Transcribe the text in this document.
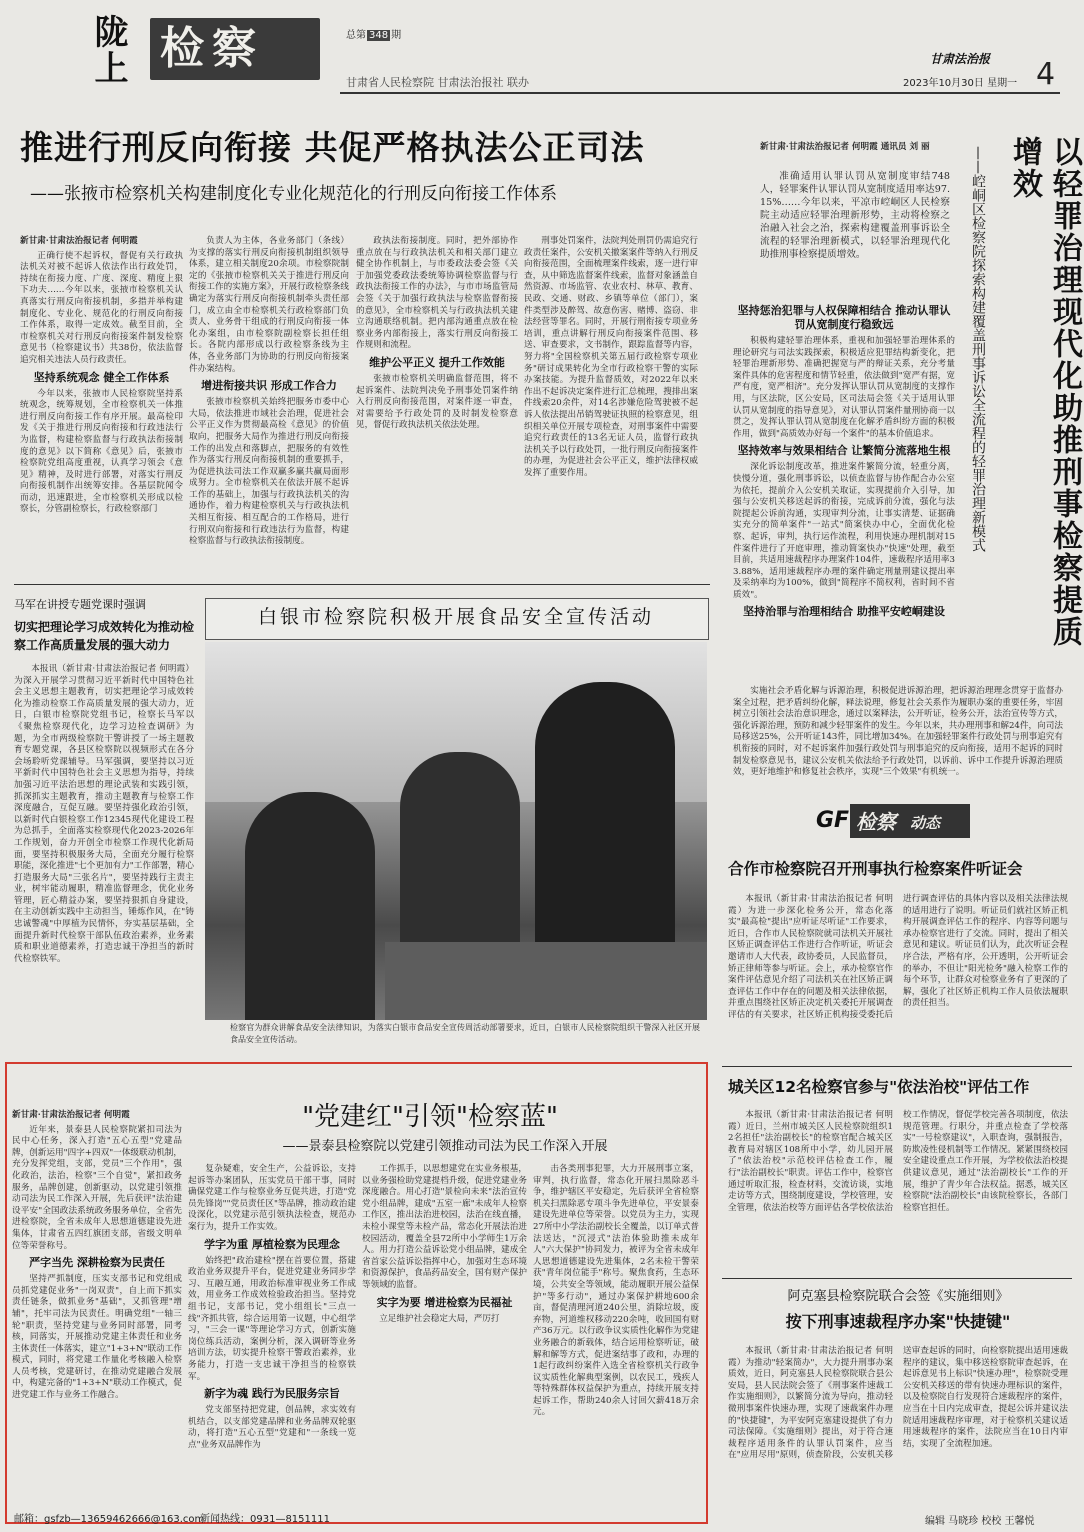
陇上 检察	总第 348 期
甘肃省人民检察院 甘肃法治报社 联办
甘肃法治报
2023年10月30日 星期一 4
推进行刑反向衔接 共促严格执法公正司法
——张掖市检察机关构建制度化专业化规范化的行刑反向衔接工作体系
新甘肃·甘肃法治报记者 何明霞

正确行使不起诉权，督促有关行政执法机关对被不起诉人依法作出行政处罚，持续在衔接力度、广度、深度、精度上狠下功夫……今年以来，张掖市检察机关认真落实行刑反向衔接机制，多措并举构建制度化、专业化、规范化的行刑反向衔接工作体系，取得一定成效。截至目前，全市检察机关对行刑反向衔接案件制发检察意见书（检察建议书）共38份，依法监督追究相关违法人员行政责任。

坚持系统观念 健全工作体系

今年以来，张掖市人民检察院坚持系统观念，统筹规划，全市检察机关一体推进行刑反向衔接工作有序开展。最高检印发《关于推进行刑反向衔接和行政违法行为监督，构建检察监督与行政执法衔接制度的意见》以下简称《意见》后，张掖市检察院党组高度重视，认真学习领会《意见》精神，及时进行部署，对落实行刑反向衔接机制作出统筹安排。各基层院闻令而动，迅速跟进，全市检察机关形成以检察长，分管副检察长，行政检察部门

负责人为主体，各业务部门（条线）为支撑的落实行刑反向衔接机制组织领导体系，建立相关制度20余项。市检察院制定的《张掖市检察机关关于推进行刑反向衔接工作的实施方案》，开展行政检察条线确定为落实行刑反向衔接机制牵头责任部门，成立由全市检察机关行政检察部门负责人、业务骨干组成的行刑反向衔接一体化办案组，由市检察院副检察长担任组长。各院内部形成以行政检察条线为主体，各业务部门为协助的行刑反向衔接案件办案结构。

增进衔接共识 形成工作合力

张掖市检察机关始终把服务市委中心大局，依法推进市域社会治理，促进社会公平正义作为贯彻最高检《意见》的价值取向，把服务大局作为推进行刑反向衔接工作的出发点和落脚点，把服务的有效性作为落实行刑反向衔接机制的重要抓手，为促进执法司法工作双赢多赢共赢局面形成努力。全市检察机关在依法开展不起诉工作的基础上，加强与行政执法机关的沟通协作，着力构建检察机关与行政执法机关相互衔接、相互配合的工作格局，进行行刑双向衔接和行政违法行为监督，构建检察监督与行政执法衔接制度。

政执法衔接制度。同时，把外部协作重点放在与行政执法机关和相关部门建立健全协作机制上，与市委政法委会签《关于加强党委政法委统筹协调检察监督与行政执法衔接工作的办法》，与市市场监管局会签《关于加强行政执法与检察监督衔接的意见》，全市检察机关与行政执法机关建立沟通联络机制。把内部沟通重点放在检察业务内部衔接上，落实行刑反向衔接工作规则和流程。

维护公平正义 提升工作效能

张掖市检察机关明确监督范围，将不起诉案件、法院判决免予刑事处罚案件纳入行刑反向衔接范围，对案件逐一审查，对需要给予行政处罚的及时制发检察意见，督促行政执法机关依法处理。

刑事处罚案件，法院判处刑罚仍需追究行政责任案件，公安机关撤案案件等纳入行刑反向衔接范围，全面梳理案件线索，逐一进行审查，从中筛选监督案件线索，监督对象涵盖自然资源、市场监管、农业农村、林草、教育、民政、交通、财政、乡镇等单位（部门），案件类型涉及醉驾、故意伤害、赌博、盗窃、非法经营等罪名。同时，开展行刑衔接专项业务培训，重点讲解行刑反向衔接案件范围、移送、审查要求，文书制作，跟踪监督等内容，努力将"全国检察机关第五届行政检察专项业务"研讨成果转化为全市行政检察干警的实际办案技能。为提升监督质效，对2022年以来作出不起诉决定案件进行汇总梳理，搜排出案件线索20余件，对14名涉嫌危险驾驶被不起诉人依法提出吊销驾驶证执照的检察意见，组织相关单位开展专项检查，对刑事案件中需要追究行政责任的13名无证人员，监督行政执法机关予以行政处罚，一批行刑反向衔接案件的办理，为促进社会公平正义，维护法律权威发挥了重要作用。

马军在讲授专题党课时强调
切实把理论学习成效转化为推动检察工作高质量发展的强大动力

本报讯（新甘肃·甘肃法治报记者 何明霞）为深入开展学习贯彻习近平新时代中国特色社会主义思想主题教育，切实把理论学习成效转化为推动检察工作高质量发展的强大动力，近日，白银市检察院党组书记，检察长马军以《聚焦检察现代化，边学习边检查调研》为题，为全市两级检察院干警讲授了一场主题教育专题党课，各县区检察院以视频形式在各分会场聆听党课辅导。马军强调，要坚持以习近平新时代中国特色社会主义思想为指导，持续加强习近平法治思想的理论武装和实践引领，抓深抓实主题教育，推动主题教育与检察工作深度融合，互促互融。要坚持强化政治引领，以新时代白银检察工作12345现代化建设工程为总抓手，全面落实检察现代化2023-2026年工作规划，奋力开创全市检察工作现代化新局面，要坚持积极服务大局，全面充分履行检察职能，深化推进"七个更加有力"工作部署，精心打造服务大局"三张名片"，要坚持践行主责主业，树牢能动履职，精准监督理念，优化业务管理，匠心精益办案，要坚持狠抓自身建设，在主动创新实践中主动担当，锤炼作风，在"铸忠诚警魂"中厚植为民情怀，夯实基层基础，全面提升新时代检察干部队伍政治素养，业务素质和职业道德素养，打造忠诚干净担当的新时代检察铁军。

白银市检察院积极开展食品安全宣传活动
检察官为群众讲解食品安全法律知识，为落实白银市食品安全宣传周活动部署要求，近日，白银市人民检察院组织干警深入社区开展食品安全宣传活动。
以轻罪治理现代化助推刑事检察提质增效
——崆峒区检察院探索构建覆盖刑事诉讼全流程的轻罪治理新模式
新甘肃·甘肃法治报记者 何明霞 通讯员 刘 丽

准确适用认罪认罚从宽制度审结748人，轻罪案件认罪认罚从宽制度适用率达97.15%……今年以来，平凉市崆峒区人民检察院主动适应轻罪治理新形势，主动将检察之治融入社会之治，探索构建覆盖刑事诉讼全流程的轻罪治理新模式，以轻罪治理现代化助推刑事检察提质增效。

坚持惩治犯罪与人权保障相结合 推动认罪认罚从宽制度行稳致远

积极构建轻罪治理体系，重视和加强轻罪治理体系的理论研究与司法实践探索，积极适应犯罪结构新变化，把轻罪治理新形势、准确把握宽与严的辩证关系，充分考量案件具体的危害程度和情节轻重，依法做到"宽严有据，宽严有度，宽严相济"。充分发挥认罪认罚从宽制度的支撑作用，与区法院，区公安局，区司法局会签《关于适用认罪认罚从宽制度的指导意见》，对认罪认罚案件量刑协商一以贯之，发挥认罪认罚从宽制度在化解矛盾纠纷方面的积极作用，做到"高质效办好每一个案件"的基本价值追求。

坚持效率与效果相结合 让繁简分流落地生根

深化诉讼制度改革，推进案件繁简分流，轻重分离，快慢分道，强化刑事诉讼，以侦查监督与协作配合办公室为依托，提前介入公安机关取证，实现提前介入引导，加强与公安机关移送起诉的衔接，完成诉前分流，强化与法院提起公诉前沟通，实现审判分流，让事实清楚、证据确实充分的简单案件"一站式"简案快办中心，全面优化检察、起诉，审判，执行运作流程，利用快速办理机制对15件案件进行了开庭审理，推动简案快办"快速"处理，截至目前，共适用速裁程序办理案件104件，速裁程序适用率33.88%，适用速裁程序办理的案件确定刑量刑建议提出率及采纳率均为100%，做到"简程序不简权利，省时间不省质效"。

坚持治罪与治理相结合 助推平安崆峒建设

实施社会矛盾化解与诉源治理，积极促进诉源治理，把诉源治理理念贯穿于监督办案全过程，把矛盾纠纷化解，释法说理，修复社会关系作为履职办案的重要任务，牢固树立引领社会法治意识理念，通过以案释法，公开听证，检务公开，法治宣传等方式，强化诉源治理，预防和减少轻罪案件的发生。今年以来，共办理刑事和解24件，向司法局移送25%，公开听证143件，同比增加34%。在加强轻罪案件行政处罚与刑事追究有机衔接的同时，对不起诉案件加强行政处罚与刑事追究的反向衔接，适用不起诉的同时制发检察意见书，建议公安机关依法给予行政处罚，以诉前、诉中工作提升诉源治理质效，更好地维护和修复社会秩序，实现"三个效果"有机统一。

GF 检察 动态
合作市检察院召开刑事执行检察案件听证会

本报讯（新甘肃·甘肃法治报记者 何明霞）为进一步深化检务公开，常态化落实"最高检"提出"应听证尽听证"工作要求，近日，合作市人民检察院就司法机关开展社区矫正调查评估工作进行合作听证，听证会邀请市人大代表，政协委员，人民监督员，矫正律师等参与听证。会上，承办检察官作案件评估意见介绍了司法机关在社区矫正调查评估工作中存在的问题及相关法律依据，并重点围绕社区矫正决定机关委托开展调查评估的有关要求，社区矫正机构接受委托后进行调查评估的具体内容以及相关法律法规的适用进行了说明。听证员们就社区矫正机构开展调查评估工作的程序、内容等问题与承办检察官进行了交流。同时，提出了相关意见和建议。听证员们认为，此次听证会程序合法，严格有序，公开透明，公开听证会的举办，不但让"阳光检务"融入检察工作的每个环节，让群众对检察业务有了更深的了解，强化了社区矫正机构工作人员依法履职的责任担当。

城关区12名检察官参与"依法治校"评估工作

本报讯（新甘肃·甘肃法治报记者 何明霞）近日，兰州市城关区人民检察院组织12名担任"法治副校长"的检察官配合城关区教育局对辖区108所中小学，幼儿园开展了"依法治校"示范校评估检查工作，履行"法治副校长"职责。评估工作中，检察官通过听取汇报，检查材料，交流访谈，实地走访等方式，围绕制度建设，学校管理，安全管理，依法治校等方面评估各学校依法治校工作情况，督促学校完善各项制度，依法规范管理。行职分，并重点检查了学校落实"一号检察建议"，入职查询，强制报告，防欺凌性侵机制等工作情况。紧紧围绕校园安全建设重点工作开展，为学校依法治校提供建议意见，通过"法治副校长"工作的开展，维护了青少年合法权益。据悉，城关区检察院"法治副校长"由该院检察长，各部门检察官担任。

阿克塞县检察院联合会签《实施细则》
按下刑事速裁程序办案"快捷键"

本报讯（新甘肃·甘肃法治报记者 何明霞）为推动"轻案简办"，大力提升刑事办案质效，近日，阿克塞县人民检察院联合县公安局，县人民法院会签了《刑事案件速裁工作实施细则》，以繁简分流为导向，推动轻微刑事案件快速办理，实现了速裁案件办理的"快捷键"，为平安阿克塞建设提供了有力司法保障。《实施细则》提出，对于符合速裁程序适用条件的认罪认罚案件，应当在"应用尽用"原则，侦查阶段，公安机关移送审查起诉的同时，向检察院提出适用速裁程序的建议，集中移送检察院审查起诉，在起诉意见书上标识"快速办理"，检察院受理公安机关移送的带有快速办理标识的案件，以及检察院自行发现符合速裁程序的案件，应当在十日内完成审查，提起公诉并建议法院适用速裁程序审理，对于检察机关建议适用速裁程序的案件，法院应当在10日内审结，实现了全流程加速。

"党建红"引领"检察蓝"
——景泰县检察院以党建引领推动司法为民工作深入开展
新甘肃·甘肃法治报记者 何明霞

近年来，景泰县人民检察院紧扣司法为民中心任务，深入打造"五心五型"党建品牌，创新运用"四字+四双"一体级联动机制，充分发挥党组，支部，党员"三个作用"，强化政治，法治，检察"三个自觉"，紧扣政务服务，品牌创建，创新驱动，以党建引领推动司法为民工作深入开展，先后获评"法治建设平安"全国政法系统政务服务单位，全省先进检察院，全省未成年人思想道德建设先进集体，甘肃省五四红旗团支部，省级文明单位等荣誉称号。

严字当先 深耕检察为民责任

坚持严抓制度，压实支部书记和党组成员抓党建促业务"一岗双责"，自上而下抓实责任链条，做抓业务"基础"，又抓管理"增辅"，托牢司法为民责任。明确党组"一轴三轮"职责，坚持党建与业务同时部署，同考核，同落实，开展推动党建主体责任和业务主体责任一体落实，建立"1+3+N"联动工作模式，同时，将党建工作量化考核融入检察人员考核，党建研讨，在推动党建融合发展中，构建完备的"1+3+N"联动工作模式，促进党建工作与业务工作融合。

复杂疑难，安全生产，公益诉讼，支持起诉等办案团队，压实党员干部干事，同时确保党建工作与检察业务互促共进，打造"党员先锋岗""党员责任区"等品牌，推动政治建设深化，以党建示范引领执法检查，规范办案行为，提升工作实效。

学字为重 厚植检察为民理念

始终把"政治建检"摆在首要位置，搭建政治业务双提升平台，促进党建业务同步学习、互融互通，用政治标准审视业务工作成效，用业务工作成效检验政治担当。坚持党组书记，支部书记，党小组组长"三点一线"齐抓共管，综合运用第一议题，中心组学习，"三会一课"等理论学习方式，创新实施岗位练兵活动，案例分析，深入调研等业务培训方法，切实提升检察干警政治素养，业务能力，打造一支忠诚干净担当的检察铁军。

新字为魂 践行为民服务宗旨

党支部坚持把党建，创品牌，求实效有机结合，以支部党建品牌和业务品牌双轮驱动，将打造"五心五型"党建和"一条线一览点"业务双品牌作为

工作抓手，以思想建党在实业务根基，以业务强检助党建提档升级，促进党建业务深度融合。用心打造"景检向未来"法治宣传党小组品牌，建成"五室一廊"未成年人检察工作区，推出法治进校园，法治在线直播，未检小课堂等未检产品，常态化开展法治进校园活动，覆盖全县72所中小学师生1万余人。用力打造公益诉讼党小组品牌，建成全省首家公益诉讼指挥中心，加强对生态环境和资源保护，食品药品安全，国有财产保护等领域的监督。

实字为要 增进检察为民福祉

立足维护社会稳定大局，严厉打

击各类刑事犯罪，大力开展刑事立案，审判，执行监督，常态化开展扫黑除恶斗争，维护辖区平安稳定，先后获评全省检察机关扫黑除恶专项斗争先进单位，平安景泰建设先进单位等荣誉。以党员为主力，实现27所中小学法治副校长全覆盖，以订单式普法送达，"沉浸式"法治体验助推未成年人"六大保护"协同发力，被评为全省未成年人思想道德建设先进集体，2名未检干警荣获"青年岗位能手"称号。聚焦食药，生态环境，公共安全等领域，能动履职开展公益保护"等多行动"，通过办案保护耕地600余亩，督促清理河道240公里，消除垃圾，废弃物，河道维权移动220余吨，收回国有财产36万元。以行政争议实质性化解作为党建业务融合的新载体，结合运用检察听证，破解和解等方式，促进案结事了政和，办理的1起行政纠纷案件入选全省检察机关行政争议实质性化解典型案例，以农民工，残疾人等特殊群体权益保护为重点，持续开展支持起诉工作，帮助240余人讨回欠薪418万余元。

邮箱：gsfzb—13659462666@163.com
新闻热线：0931—8151111	编辑 马晓珍 校校 王馨悦
